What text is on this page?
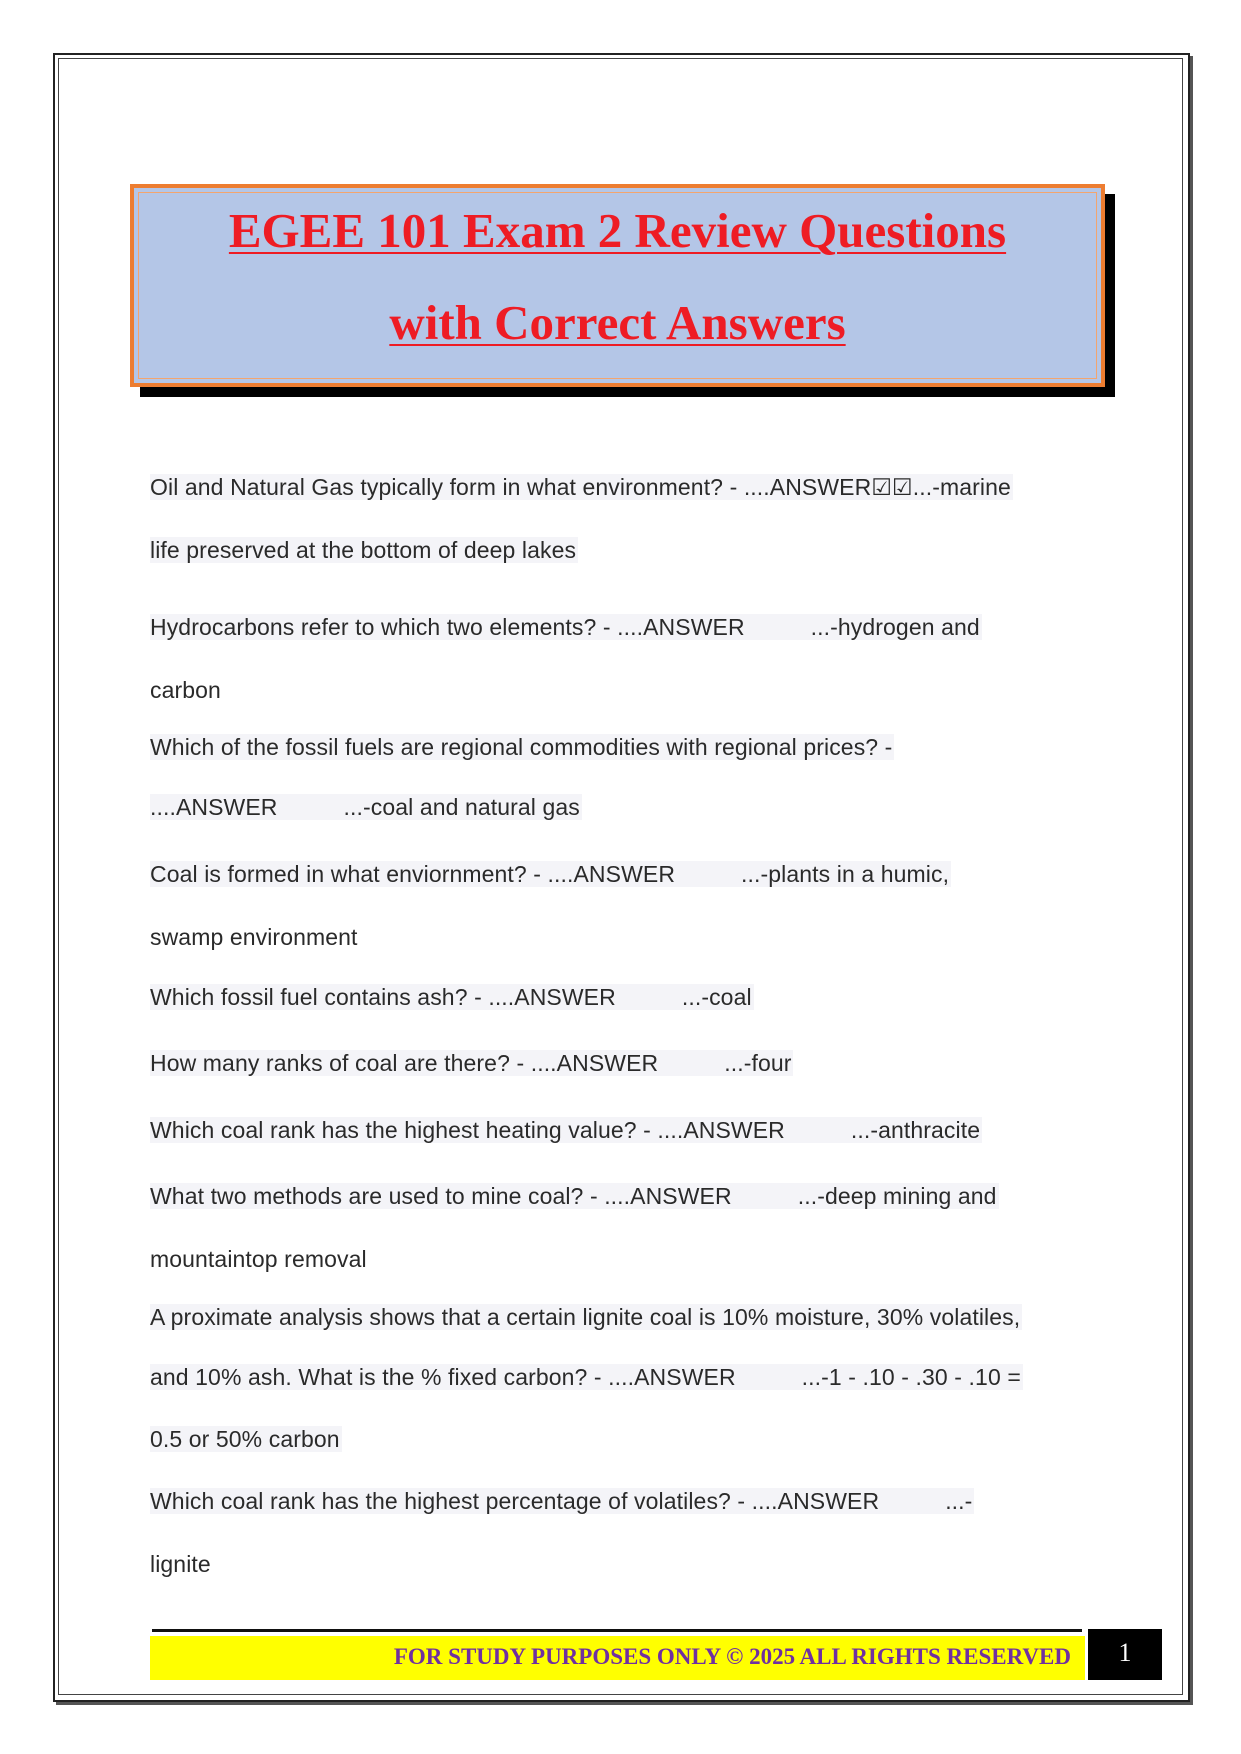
EGEE 101 Exam 2 Review Questions
with Correct Answers
Oil and Natural Gas typically form in what environment? - ....ANSWER☑☑...-marine
life preserved at the bottom of deep lakes
Hydrocarbons refer to which two elements? - ....ANSWER	...-hydrogen and
carbon
Which of the fossil fuels are regional commodities with regional prices? -
....ANSWER	...-coal and natural gas
Coal is formed in what enviornment? - ....ANSWER	...-plants in a humic,
swamp environment
Which fossil fuel contains ash? - ....ANSWER	...-coal
How many ranks of coal are there? - ....ANSWER	...-four
Which coal rank has the highest heating value? - ....ANSWER	...-anthracite
What two methods are used to mine coal? - ....ANSWER	...-deep mining and
mountaintop removal
A proximate analysis shows that a certain lignite coal is 10% moisture, 30% volatiles,
and 10% ash. What is the % fixed carbon? - ....ANSWER	...-1 - .10 - .30 - .10 =
0.5 or 50% carbon
Which coal rank has the highest percentage of volatiles? - ....ANSWER	...-
lignite
FOR STUDY PURPOSES ONLY © 2025 ALL RIGHTS RESERVED	1
